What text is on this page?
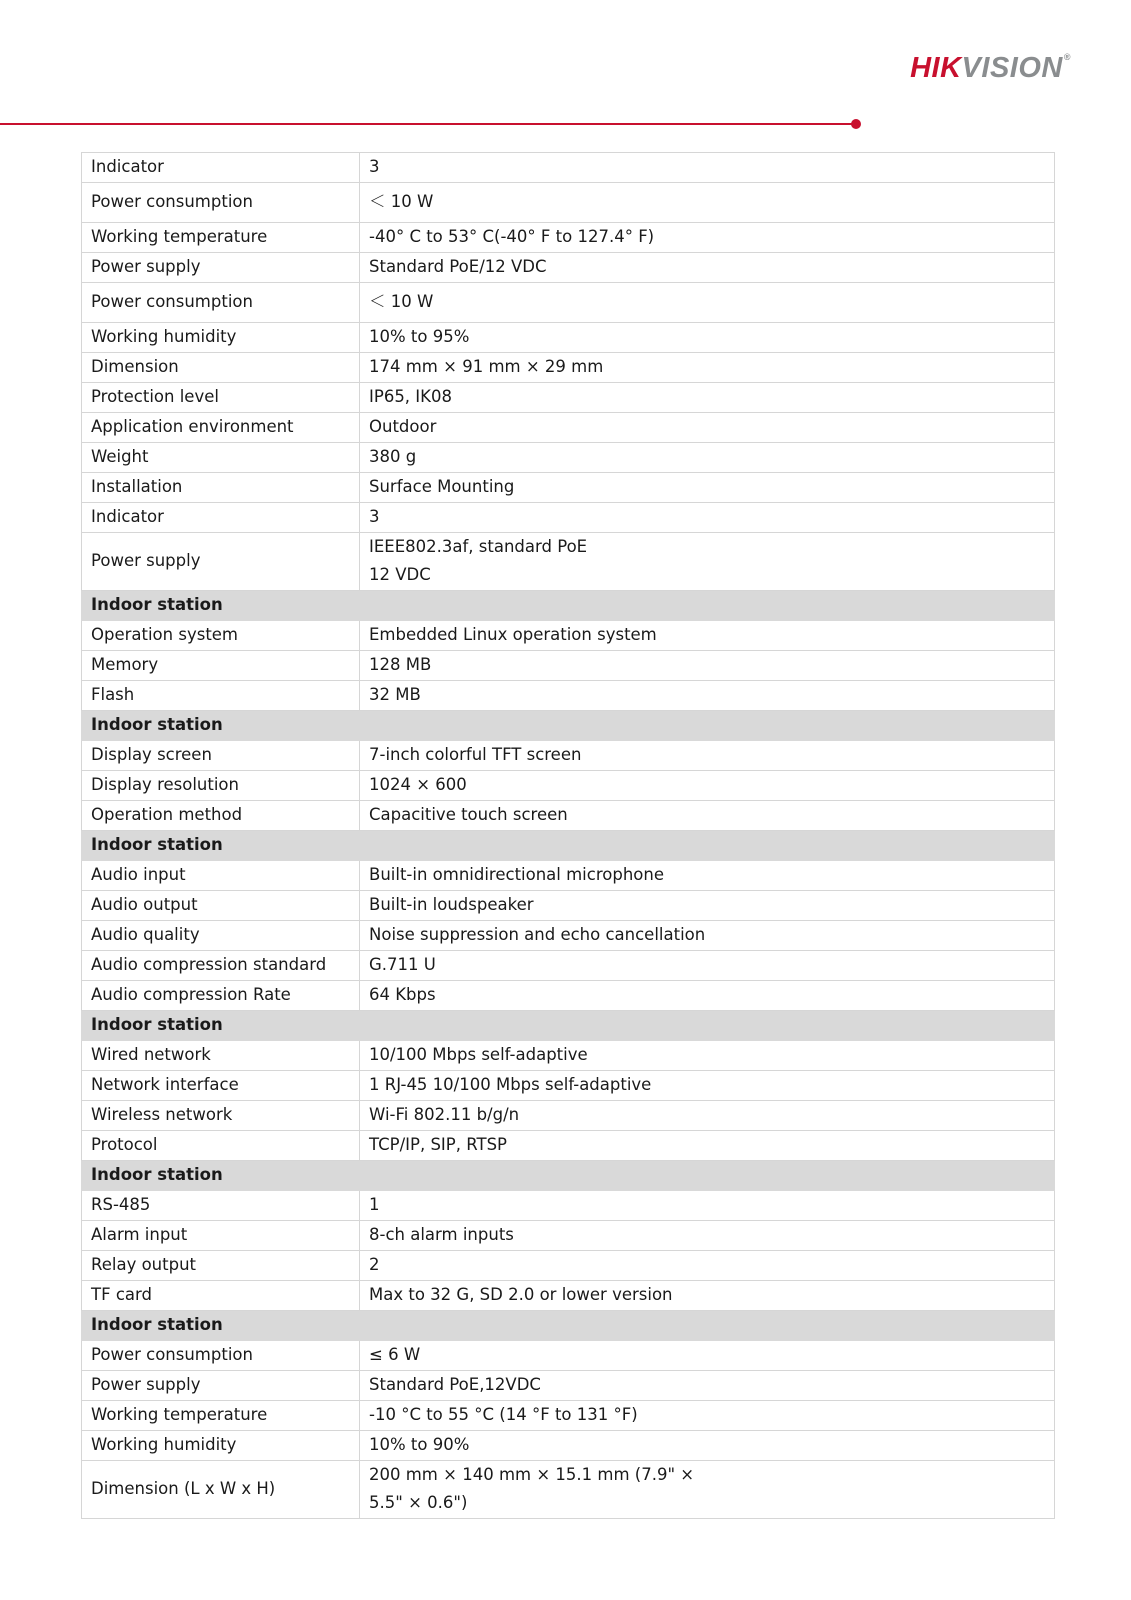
HIKVISION®
Indicator	3
Power consumption	＜ 10 W
Working temperature	-40° C to 53° C(-40° F to 127.4° F)
Power supply	Standard PoE/12 VDC
Power consumption	＜ 10 W
Working humidity	10% to 95%
Dimension	174 mm × 91 mm × 29 mm
Protection level	IP65, IK08
Application environment	Outdoor
Weight	380 g
Installation	Surface Mounting
Indicator	3
Power supply	IEEE802.3af, standard PoE
12 VDC

Indoor station	
Operation system	Embedded Linux operation system
Memory	128 MB
Flash	32 MB
Indoor station	
Display screen	7-inch colorful TFT screen
Display resolution	1024 × 600
Operation method	Capacitive touch screen
Indoor station	
Audio input	Built-in omnidirectional microphone
Audio output	Built-in loudspeaker
Audio quality	Noise suppression and echo cancellation
Audio compression standard	G.711 U
Audio compression Rate	64 Kbps
Indoor station	
Wired network	10/100 Mbps self-adaptive
Network interface	1 RJ-45 10/100 Mbps self-adaptive
Wireless network	Wi-Fi 802.11 b/g/n
Protocol	TCP/IP, SIP, RTSP
Indoor station	
RS-485	1
Alarm input	8-ch alarm inputs
Relay output	2
TF card	Max to 32 G, SD 2.0 or lower version
Indoor station	
Power consumption	≤ 6 W
Power supply	Standard PoE,12VDC
Working temperature	-10 °C to 55 °C (14 °F to 131 °F)
Working humidity	10% to 90%
Dimension (L x W x H)	200 mm × 140 mm × 15.1 mm (7.9" ×
5.5" × 0.6")
